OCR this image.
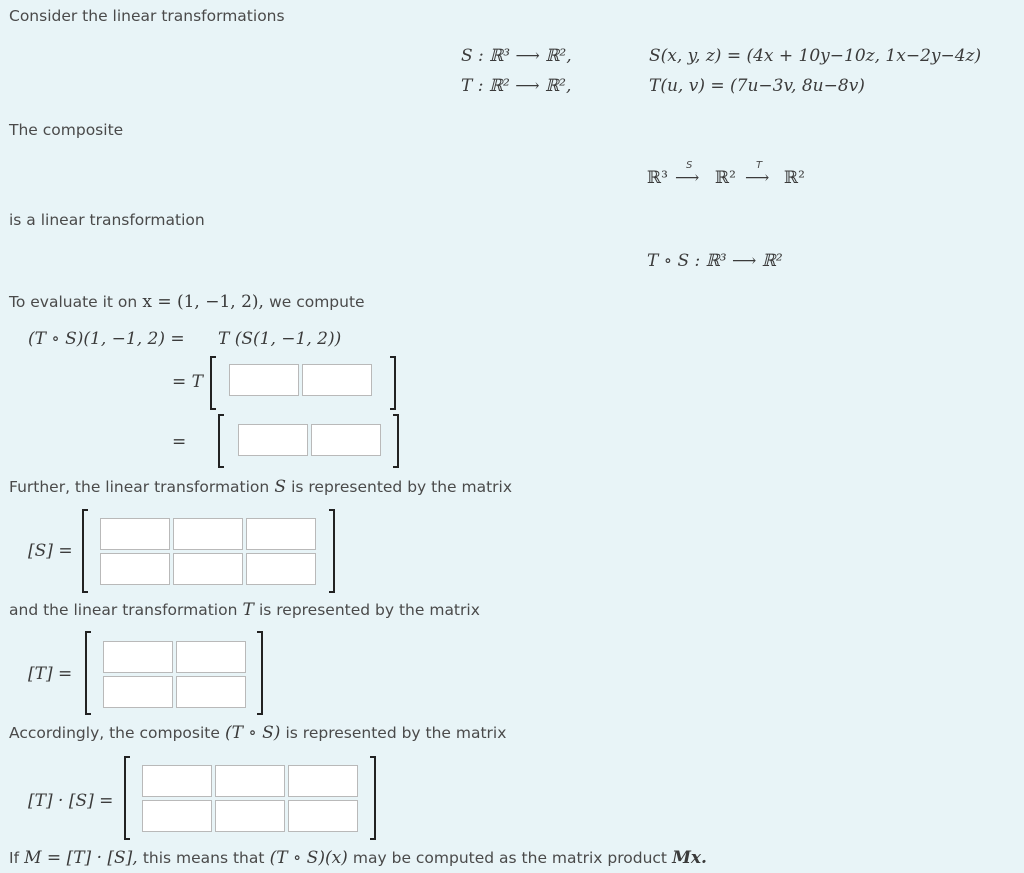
Consider the linear transformations
S : ℝ³ ⟶ ℝ²,
T : ℝ² ⟶ ℝ²,
S(x, y, z) = (4x + 10y−10z, 1x−2y−4z)
T(u, v) = (7u−3v, 8u−8v)
The composite
ℝ³
S
⟶ ℝ²
T
⟶ ℝ²
is a linear transformation
T ∘ S : ℝ³ ⟶ ℝ²
To evaluate it on x = (1, −1, 2), we compute
(T ∘ S)(1, −1, 2) = T (S(1, −1, 2))
= T
=
Further, the linear transformation S is represented by the matrix
[S] =
and the linear transformation T is represented by the matrix
[T] =
Accordingly, the composite (T ∘ S) is represented by the matrix
[T] · [S] =
If M = [T] · [S], this means that (T ∘ S)(x) may be computed as the matrix product Mx.
